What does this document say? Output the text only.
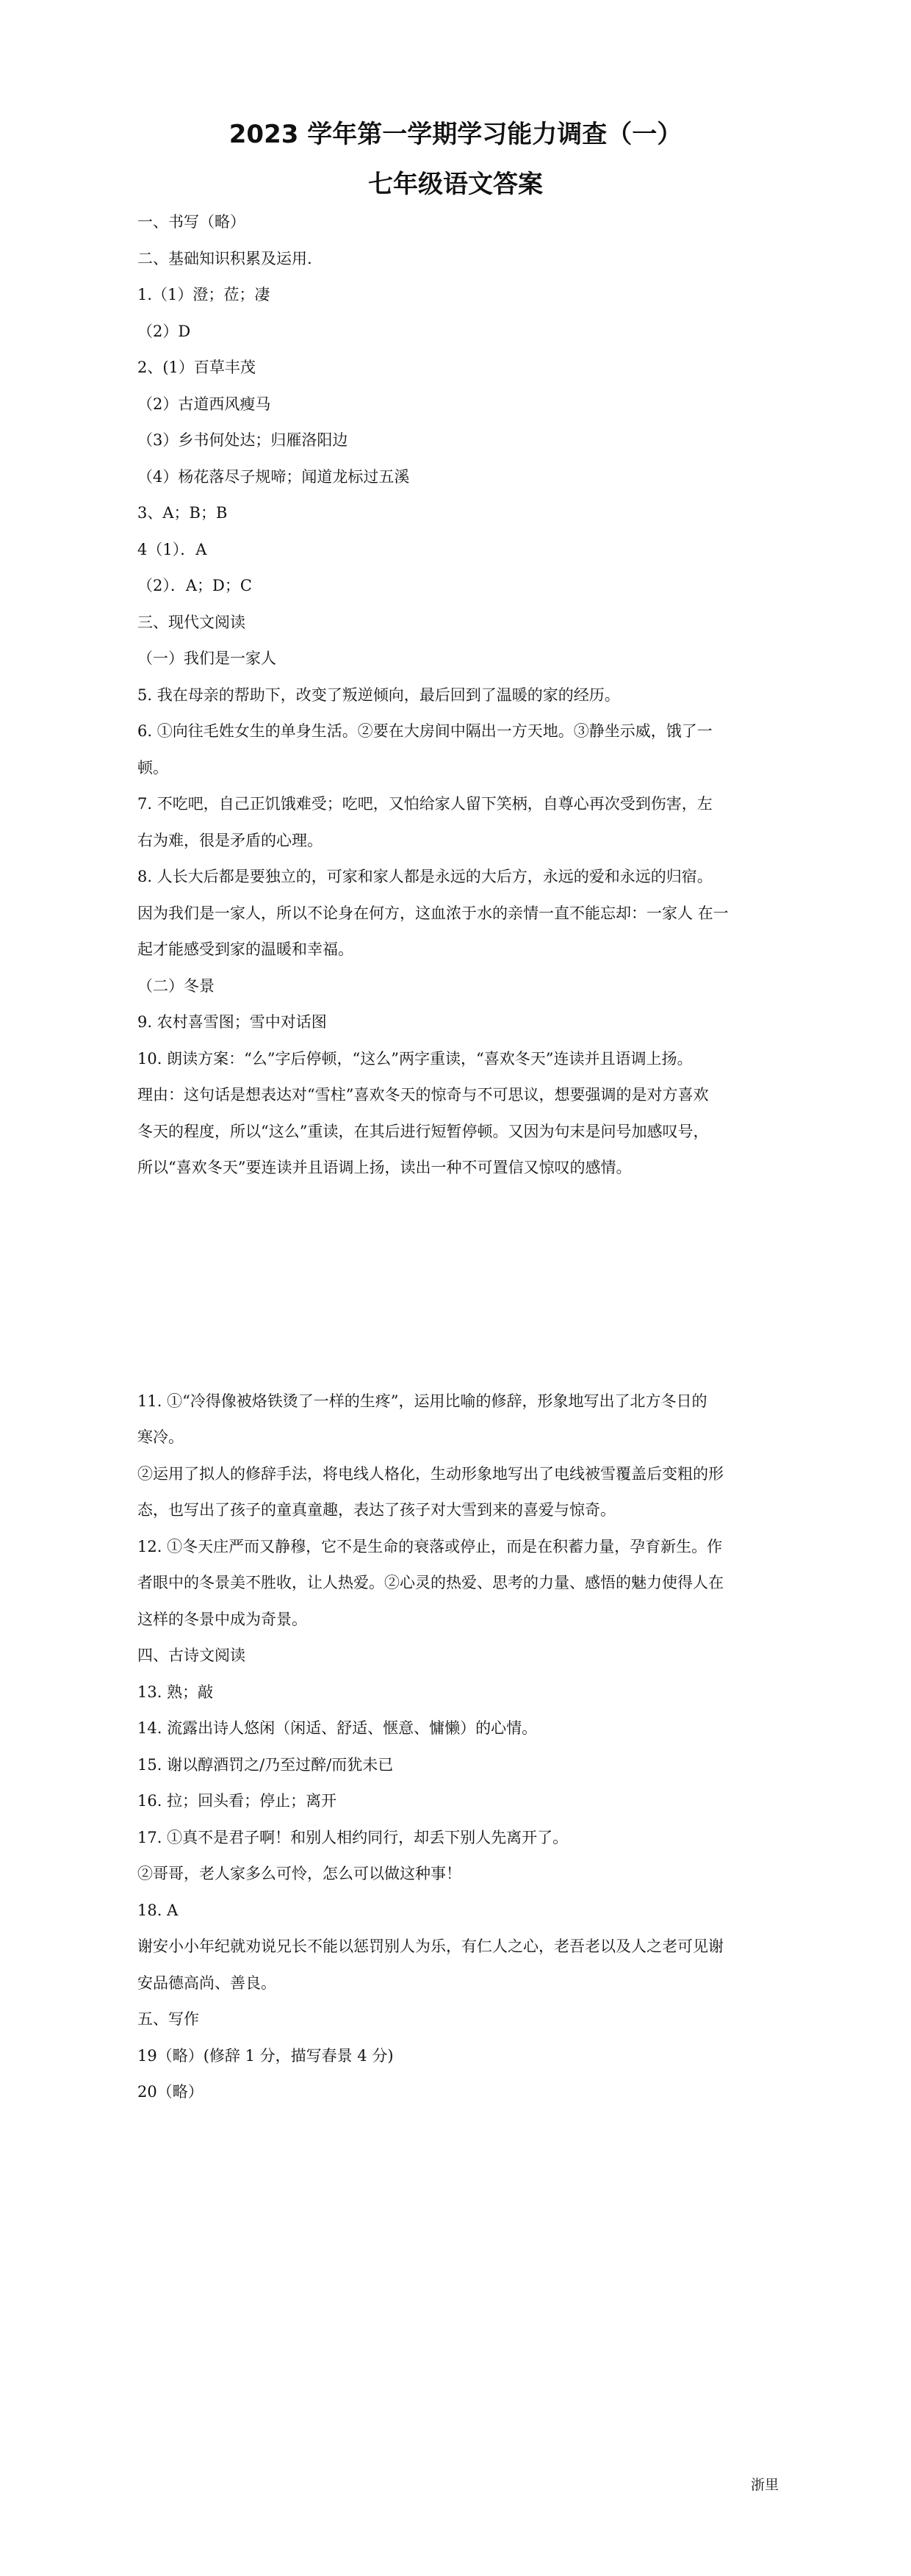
2023 学年第一学期学习能力调查（一）
七年级语文答案

一、书写（略）

二、基础知识积累及运用.

1.（1）澄；莅；凄

（2）D

2、(1）百草丰茂

（2）古道西风瘦马

（3）乡书何处达；归雁洛阳边

（4）杨花落尽子规啼；闻道龙标过五溪

3、A；B；B

4（1）．A

（2）．A；D；C

三、现代文阅读

（一）我们是一家人

5. 我在母亲的帮助下，改变了叛逆倾向，最后回到了温暖的家的经历。

6. ①向往毛姓女生的单身生活。②要在大房间中隔出一方天地。③静坐示威，饿了一

顿。

7. 不吃吧，自己正饥饿难受；吃吧，又怕给家人留下笑柄，自尊心再次受到伤害，左

右为难，很是矛盾的心理。

8. 人长大后都是要独立的，可家和家人都是永远的大后方，永远的爱和永远的归宿。

因为我们是一家人，所以不论身在何方，这血浓于水的亲情一直不能忘却：一家人 在一

起才能感受到家的温暖和幸福。

（二）冬景

9. 农村喜雪图；雪中对话图

10. 朗读方案：“么”字后停顿，“这么”两字重读，“喜欢冬天”连读并且语调上扬。

理由：这句话是想表达对“雪柱”喜欢冬天的惊奇与不可思议，想要强调的是对方喜欢

冬天的程度，所以“这么”重读，在其后进行短暂停顿。又因为句末是问号加感叹号，

所以“喜欢冬天”要连读并且语调上扬，读出一种不可置信又惊叹的感情。

11. ①“冷得像被烙铁烫了一样的生疼”，运用比喻的修辞，形象地写出了北方冬日的

寒冷。

②运用了拟人的修辞手法，将电线人格化，生动形象地写出了电线被雪覆盖后变粗的形

态，也写出了孩子的童真童趣，表达了孩子对大雪到来的喜爱与惊奇。

12. ①冬天庄严而又静穆，它不是生命的衰落或停止，而是在积蓄力量，孕育新生。作

者眼中的冬景美不胜收，让人热爱。②心灵的热爱、思考的力量、感悟的魅力使得人在

这样的冬景中成为奇景。

四、古诗文阅读

13. 熟；敲

14. 流露出诗人悠闲（闲适、舒适、惬意、慵懒）的心情。

15. 谢以醇酒罚之/乃至过醉/而犹未已

16. 拉；回头看；停止；离开

17. ①真不是君子啊！和别人相约同行，却丢下别人先离开了。

②哥哥，老人家多么可怜，怎么可以做这种事！

18. A

谢安小小年纪就劝说兄长不能以惩罚别人为乐，有仁人之心，老吾老以及人之老可见谢

安品德高尚、善良。

五、写作

19（略）(修辞 1 分，描写春景 4 分)

20（略）

浙里
